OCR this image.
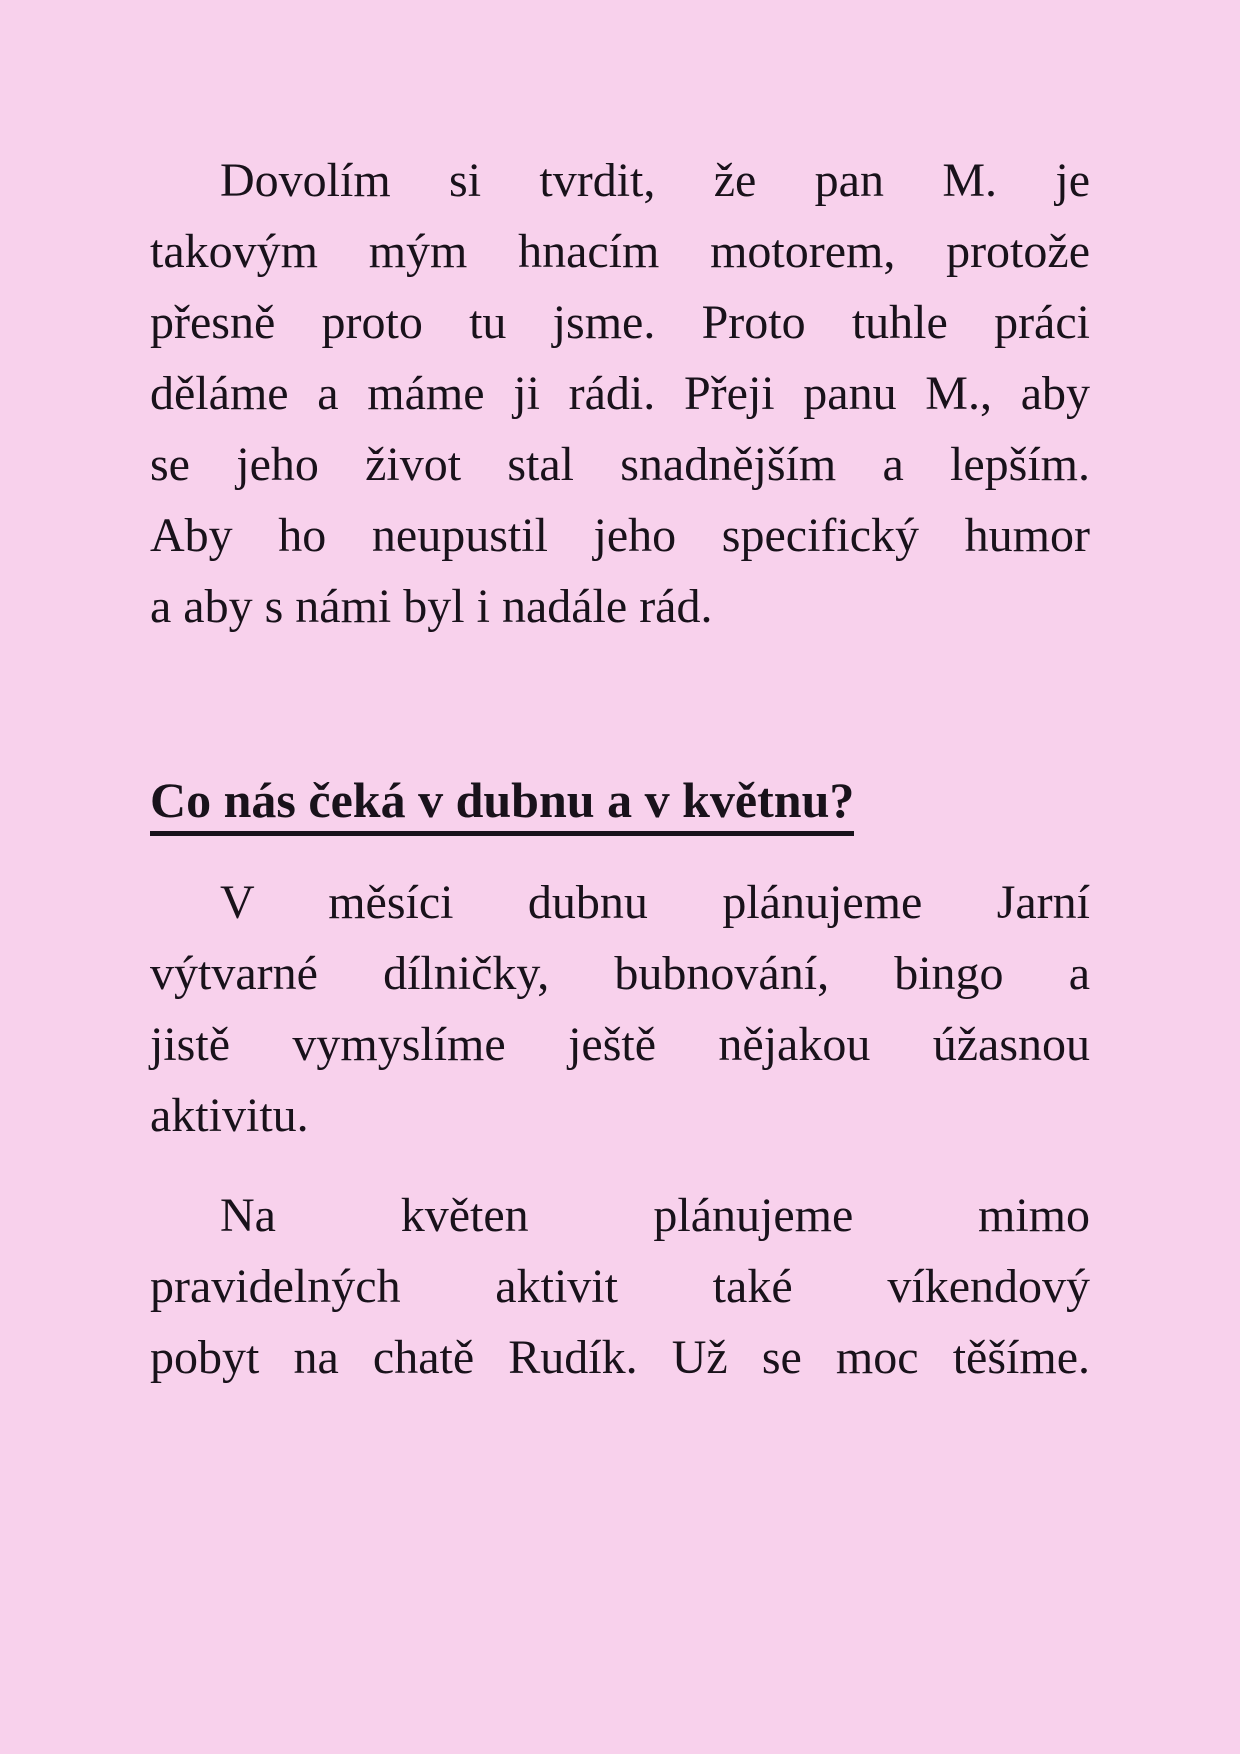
Dovolím si tvrdit, že pan M. je
takovým mým hnacím motorem, protože
přesně proto tu jsme. Proto tuhle práci
děláme a máme ji rádi. Přeji panu M., aby
se jeho život stal snadnějším a lepším.
Aby ho neupustil jeho specifický humor
a aby s námi byl i nadále rád.
Co nás čeká v dubnu a v květnu?
V měsíci dubnu plánujeme Jarní
výtvarné dílničky, bubnování, bingo a
jistě vymyslíme ještě nějakou úžasnou
aktivitu.
Na květen plánujeme mimo
pravidelných aktivit také víkendový
pobyt na chatě Rudík. Už se moc těšíme.
